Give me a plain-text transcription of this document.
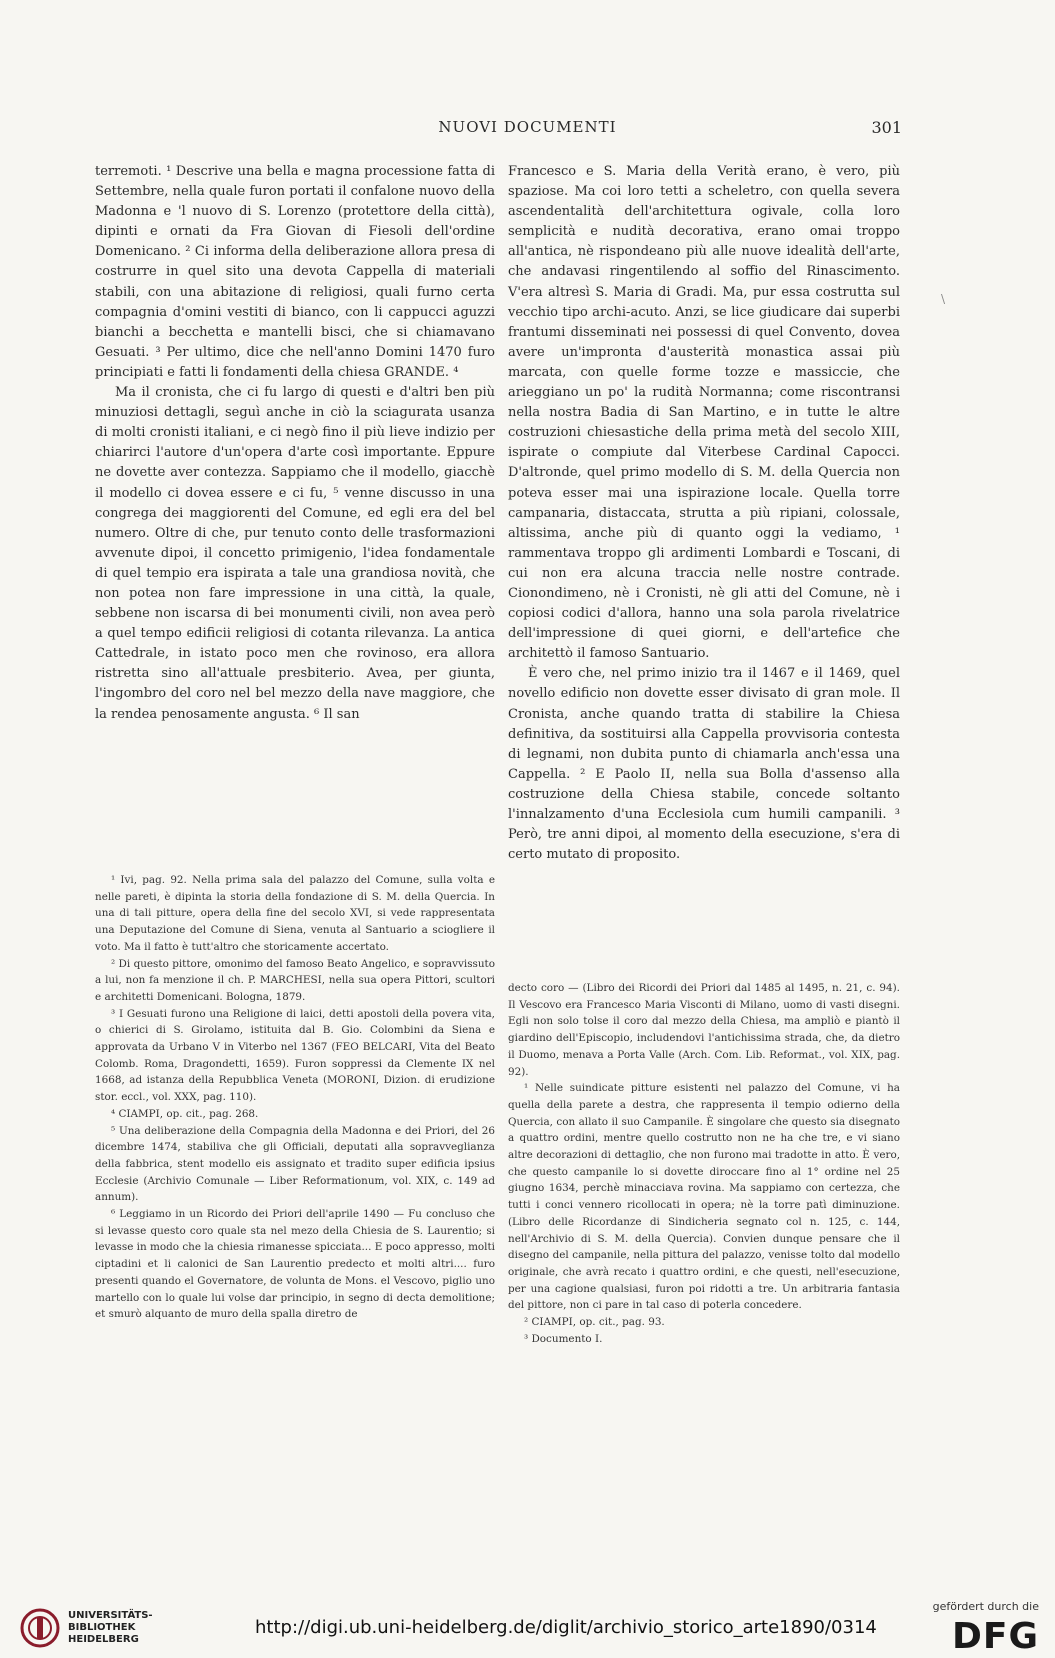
NUOVI DOCUMENTI	301

terremoti. ¹ Descrive una bella e magna processione fatta di Settembre, nella quale furon portati il confalone nuovo della Madonna e 'l nuovo di S. Lorenzo (protettore della città), dipinti e ornati da Fra Giovan di Fiesoli dell'ordine Domenicano. ² Ci informa della deliberazione allora presa di costrurre in quel sito una devota Cappella di materiali stabili, con una abitazione di religiosi, quali furno certa compagnia d'omini vestiti di bianco, con li cappucci aguzzi bianchi a becchetta e mantelli bisci, che si chiamavano Gesuati. ³ Per ultimo, dice che nell'anno Domini 1470 furo principiati e fatti li fondamenti della chiesa GRANDE. ⁴

Ma il cronista, che ci fu largo di questi e d'altri ben più minuziosi dettagli, seguì anche in ciò la sciagurata usanza di molti cronisti italiani, e ci negò fino il più lieve indizio per chiarirci l'autore d'un'opera d'arte così importante. Eppure ne dovette aver contezza. Sappiamo che il modello, giacchè il modello ci dovea essere e ci fu, ⁵ venne discusso in una congrega dei maggiorenti del Comune, ed egli era del bel numero. Oltre di che, pur tenuto conto delle trasformazioni avvenute dipoi, il concetto primigenio, l'idea fondamentale di quel tempio era ispirata a tale una grandiosa novità, che non potea non fare impressione in una città, la quale, sebbene non iscarsa di bei monumenti civili, non avea però a quel tempo edificii religiosi di cotanta rilevanza. La antica Cattedrale, in istato poco men che rovinoso, era allora ristretta sino all'attuale presbiterio. Avea, per giunta, l'ingombro del coro nel bel mezzo della nave maggiore, che la rendea penosamente angusta. ⁶ Il san

Francesco e S. Maria della Verità erano, è vero, più spaziose. Ma coi loro tetti a scheletro, con quella severa ascendentalità dell'architettura ogivale, colla loro semplicità e nudità decorativa, erano omai troppo all'antica, nè rispondeano più alle nuove idealità dell'arte, che andavasi ringentilendo al soffio del Rinascimento. V'era altresì S. Maria di Gradi. Ma, pur essa costrutta sul vecchio tipo archi-acuto. Anzi, se lice giudicare dai superbi frantumi disseminati nei possessi di quel Convento, dovea avere un'impronta d'austerità monastica assai più marcata, con quelle forme tozze e massiccie, che arieggiano un po' la rudità Normanna; come riscontransi nella nostra Badia di San Martino, e in tutte le altre costruzioni chiesastiche della prima metà del secolo XIII, ispirate o compiute dal Viterbese Cardinal Capocci. D'altronde, quel primo modello di S. M. della Quercia non poteva esser mai una ispirazione locale. Quella torre campanaria, distaccata, strutta a più ripiani, colossale, altissima, anche più di quanto oggi la vediamo, ¹ rammentava troppo gli ardimenti Lombardi e Toscani, di cui non era alcuna traccia nelle nostre contrade. Cionondimeno, nè i Cronisti, nè gli atti del Comune, nè i copiosi codici d'allora, hanno una sola parola rivelatrice dell'impressione di quei giorni, e dell'artefice che architettò il famoso Santuario.

È vero che, nel primo inizio tra il 1467 e il 1469, quel novello edificio non dovette esser divisato di gran mole. Il Cronista, anche quando tratta di stabilire la Chiesa definitiva, da sostituirsi alla Cappella provvisoria contesta di legnami, non dubita punto di chiamarla anch'essa una Cappella. ² E Paolo II, nella sua Bolla d'assenso alla costruzione della Chiesa stabile, concede soltanto l'innalzamento d'una Ecclesiola cum humili campanili. ³ Però, tre anni dipoi, al momento della esecuzione, s'era di certo mutato di proposito.

\

¹ Ivi, pag. 92. Nella prima sala del palazzo del Comune, sulla volta e nelle pareti, è dipinta la storia della fondazione di S. M. della Quercia. In una di tali pitture, opera della fine del secolo XVI, si vede rappresentata una Deputazione del Comune di Siena, venuta al Santuario a sciogliere il voto. Ma il fatto è tutt'altro che storicamente accertato.

² Di questo pittore, omonimo del famoso Beato Angelico, e sopravvissuto a lui, non fa menzione il ch. P. MARCHESI, nella sua opera Pittori, scultori e architetti Domenicani. Bologna, 1879.

³ I Gesuati furono una Religione di laici, detti apostoli della povera vita, o chierici di S. Girolamo, istituita dal B. Gio. Colombini da Siena e approvata da Urbano V in Viterbo nel 1367 (FEO BELCARI, Vita del Beato Colomb. Roma, Dragondetti, 1659). Furon soppressi da Clemente IX nel 1668, ad istanza della Repubblica Veneta (MORONI, Dizion. di erudizione stor. eccl., vol. XXX, pag. 110).

⁴ CIAMPI, op. cit., pag. 268.

⁵ Una deliberazione della Compagnia della Madonna e dei Priori, del 26 dicembre 1474, stabiliva che gli Officiali, deputati alla sopravveglianza della fabbrica, stent modello eis assignato et tradito super edificia ipsius Ecclesie (Archivio Comunale — Liber Reformationum, vol. XIX, c. 149 ad annum).

⁶ Leggiamo in un Ricordo dei Priori dell'aprile 1490 — Fu concluso che si levasse questo coro quale sta nel mezo della Chiesia de S. Laurentio; si levasse in modo che la chiesia rimanesse spicciata... E poco appresso, molti ciptadini et li calonici de San Laurentio predecto et molti altri.... furo presenti quando el Governatore, de volunta de Mons. el Vescovo, piglio uno martello con lo quale lui volse dar principio, in segno di decta demolitione; et smurò alquanto de muro della spalla diretro de

decto coro — (Libro dei Ricordi dei Priori dal 1485 al 1495, n. 21, c. 94). Il Vescovo era Francesco Maria Visconti di Milano, uomo di vasti disegni. Egli non solo tolse il coro dal mezzo della Chiesa, ma ampliò e piantò il giardino dell'Episcopio, includendovi l'antichissima strada, che, da dietro il Duomo, menava a Porta Valle (Arch. Com. Lib. Reformat., vol. XIX, pag. 92).

¹ Nelle suindicate pitture esistenti nel palazzo del Comune, vi ha quella della parete a destra, che rappresenta il tempio odierno della Quercia, con allato il suo Campanile. È singolare che questo sia disegnato a quattro ordini, mentre quello costrutto non ne ha che tre, e vi siano altre decorazioni di dettaglio, che non furono mai tradotte in atto. È vero, che questo campanile lo si dovette diroccare fino al 1° ordine nel 25 giugno 1634, perchè minacciava rovina. Ma sappiamo con certezza, che tutti i conci vennero ricollocati in opera; nè la torre patì diminuzione. (Libro delle Ricordanze di Sindicheria segnato col n. 125, c. 144, nell'Archivio di S. M. della Quercia). Convien dunque pensare che il disegno del campanile, nella pittura del palazzo, venisse tolto dal modello originale, che avrà recato i quattro ordini, e che questi, nell'esecuzione, per una cagione qualsiasi, furon poi ridotti a tre. Un arbitraria fantasia del pittore, non ci pare in tal caso di poterla concedere.

² CIAMPI, op. cit., pag. 93.

³ Documento I.

UNIVERSITÄTS-
BIBLIOTHEK
HEIDELBERG
http://digi.ub.uni-heidelberg.de/diglit/archivio_storico_arte1890/0314
gefördert durch die
DFG
